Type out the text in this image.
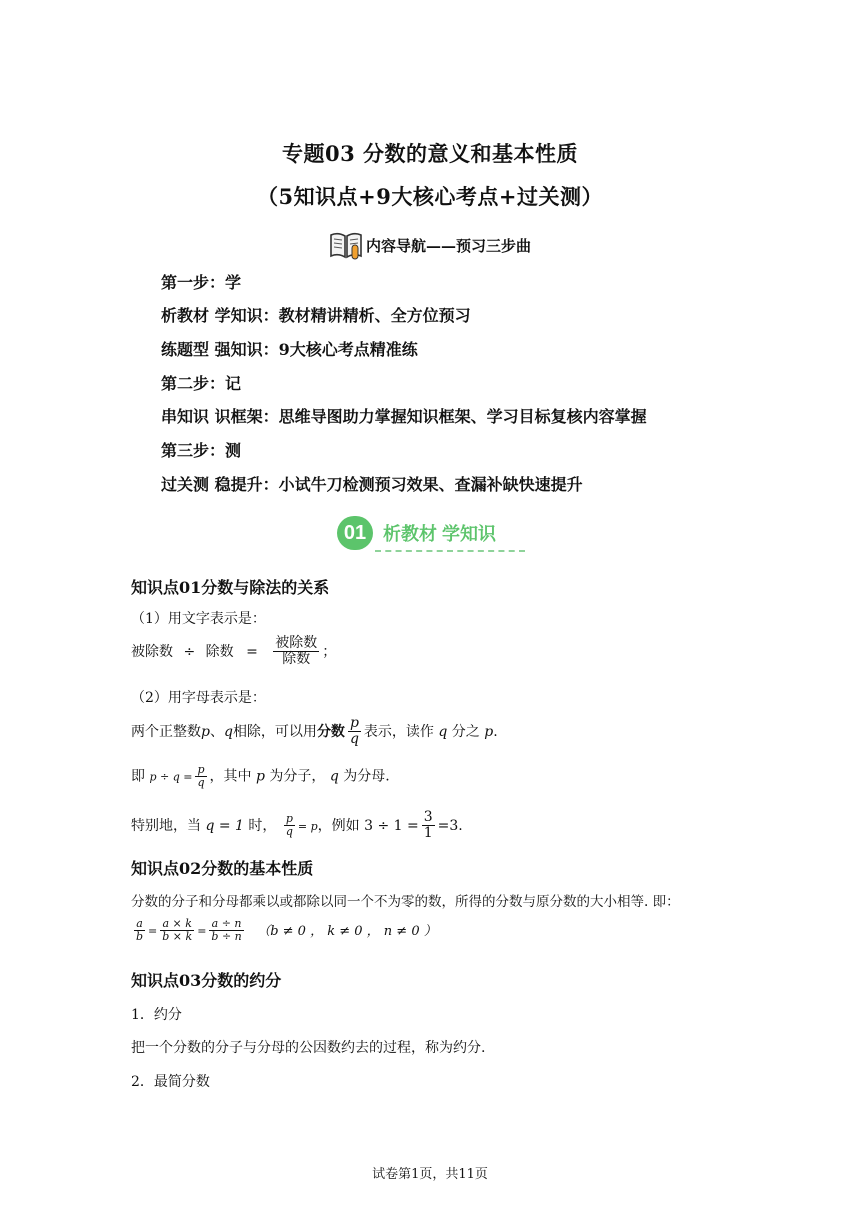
专题03 分数的意义和基本性质
（5知识点+9大核心考点+过关测）
内容导航——预习三步曲
第一步：学
析教材 学知识：教材精讲精析、全方位预习
练题型 强知识：9大核心考点精准练
第二步：记
串知识 识框架：思维导图助力掌握知识框架、学习目标复核内容掌握
第三步：测
过关测 稳提升：小试牛刀检测预习效果、查漏补缺快速提升
01 析教材 学知识
知识点01分数与除法的关系
（1）用文字表示是：
被除数 ÷ 除数 = $\frac{\text{被除数}}{\text{除数}}$ ；
（2）用字母表示是：
两个正整数p、q相除，可以用分数 $\frac{p}{q}$ 表示，读作 q 分之 p.
即 $p \div q = \frac{p}{q}$ ，其中 p 为分子， q 为分母.
特别地，当 q = 1 时， $\frac{p}{q} = p$，例如 $3 \div 1 = \frac{3}{1} =3$.
知识点02分数的基本性质
分数的分子和分母都乘以或都除以同一个不为零的数，所得的分数与原分数的大小相等. 即：
$\frac{a}{b} = \frac{a \times k}{b \times k} = \frac{a \div n}{b \div n} (b \ne 0$ ， k ≠ 0 ， n ≠ 0 ）
知识点03分数的约分
1．约分
把一个分数的分子与分母的公因数约去的过程，称为约分.
2．最简分数
试卷第1页，共11页
